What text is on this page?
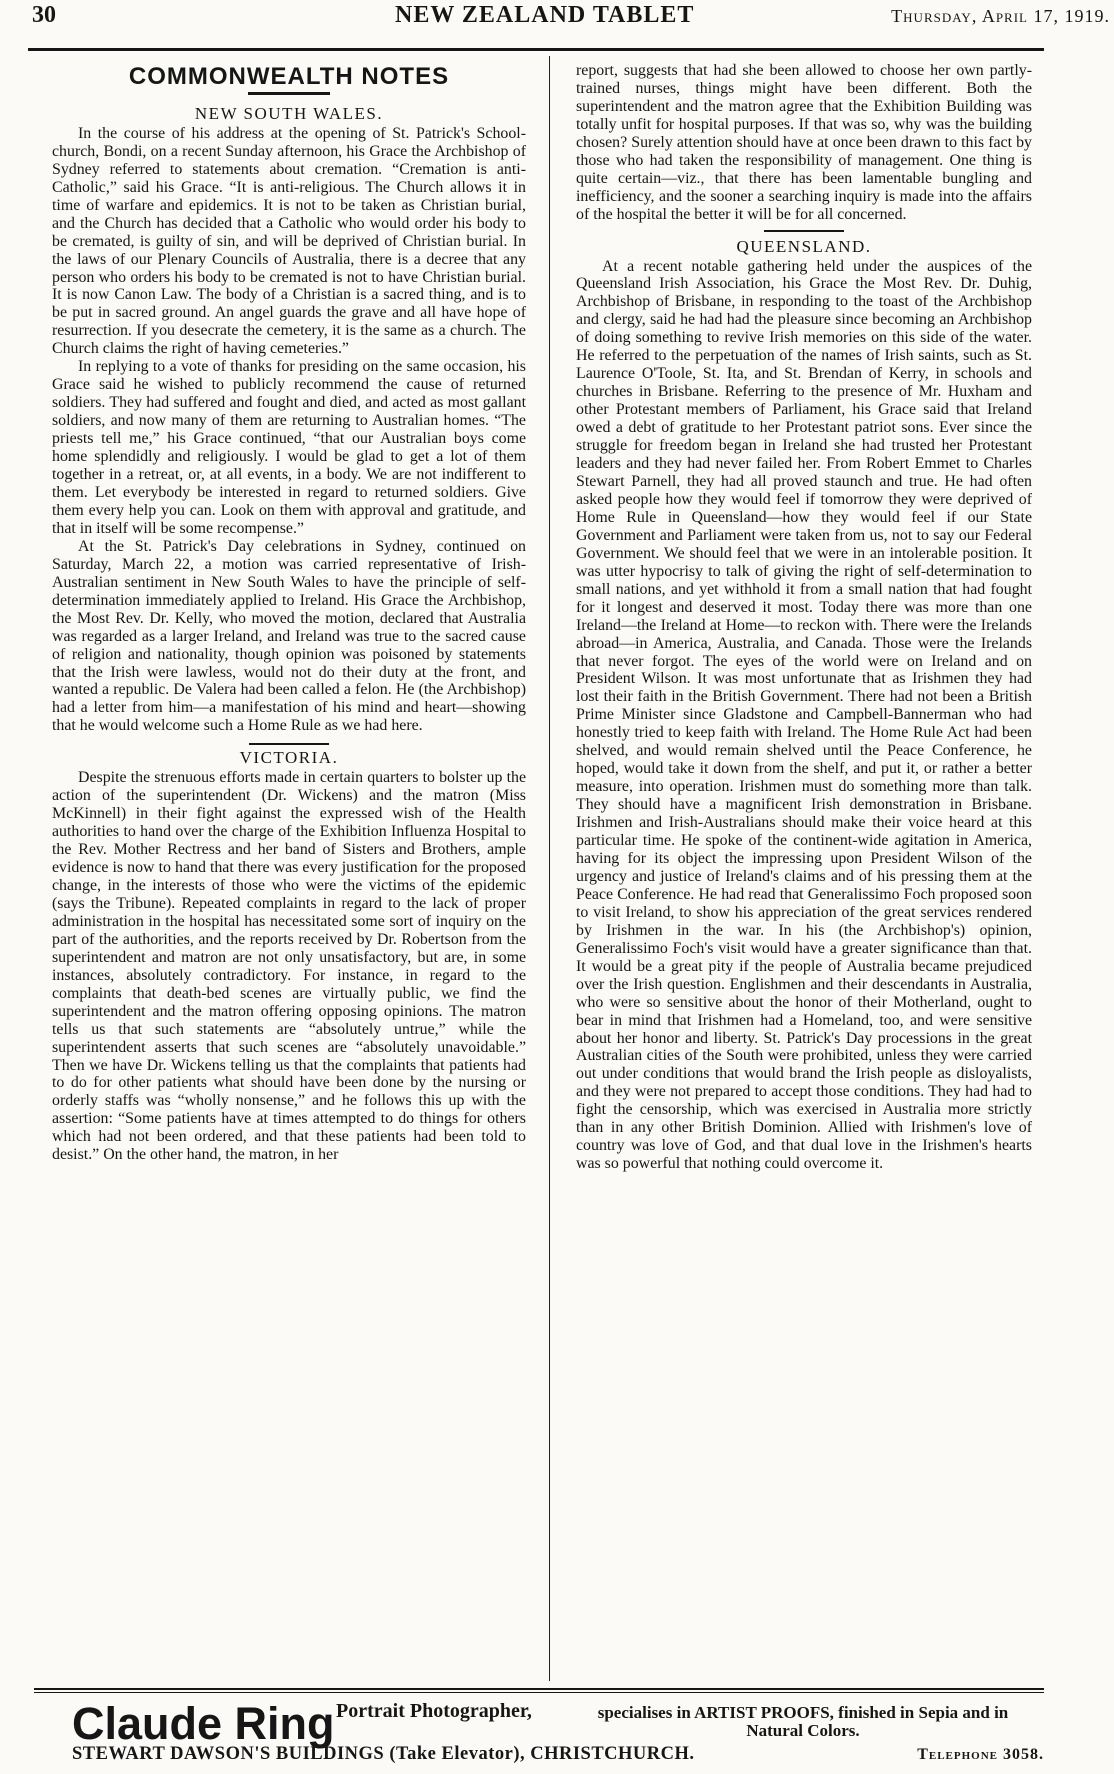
30	NEW ZEALAND TABLET	Thursday, April 17, 1919.
COMMONWEALTH NOTES
NEW SOUTH WALES.

In the course of his address at the opening of St. Patrick's School-church, Bondi, on a recent Sunday afternoon, his Grace the Archbishop of Sydney referred to statements about cremation. “Cremation is anti-Catholic,” said his Grace. “It is anti-religious. The Church allows it in time of warfare and epidemics. It is not to be taken as Christian burial, and the Church has decided that a Catholic who would order his body to be cremated, is guilty of sin, and will be deprived of Christian burial. In the laws of our Plenary Councils of Australia, there is a decree that any person who orders his body to be cremated is not to have Christian burial. It is now Canon Law. The body of a Christian is a sacred thing, and is to be put in sacred ground. An angel guards the grave and all have hope of resurrection. If you desecrate the cemetery, it is the same as a church. The Church claims the right of having cemeteries.”

In replying to a vote of thanks for presiding on the same occasion, his Grace said he wished to publicly recommend the cause of returned soldiers. They had suffered and fought and died, and acted as most gallant soldiers, and now many of them are returning to Australian homes. “The priests tell me,” his Grace continued, “that our Australian boys come home splendidly and religiously. I would be glad to get a lot of them together in a retreat, or, at all events, in a body. We are not indifferent to them. Let everybody be interested in regard to returned soldiers. Give them every help you can. Look on them with approval and gratitude, and that in itself will be some recompense.”

At the St. Patrick's Day celebrations in Sydney, continued on Saturday, March 22, a motion was carried representative of Irish-Australian sentiment in New South Wales to have the principle of self-determination immediately applied to Ireland. His Grace the Archbishop, the Most Rev. Dr. Kelly, who moved the motion, declared that Australia was regarded as a larger Ireland, and Ireland was true to the sacred cause of religion and nationality, though opinion was poisoned by statements that the Irish were lawless, would not do their duty at the front, and wanted a republic. De Valera had been called a felon. He (the Archbishop) had a letter from him—a manifestation of his mind and heart—showing that he would welcome such a Home Rule as we had here.

VICTORIA.

Despite the strenuous efforts made in certain quarters to bolster up the action of the superintendent (Dr. Wickens) and the matron (Miss McKinnell) in their fight against the expressed wish of the Health authorities to hand over the charge of the Exhibition Influenza Hospital to the Rev. Mother Rectress and her band of Sisters and Brothers, ample evidence is now to hand that there was every justification for the proposed change, in the interests of those who were the victims of the epidemic (says the Tribune). Repeated complaints in regard to the lack of proper administration in the hospital has necessitated some sort of inquiry on the part of the authorities, and the reports received by Dr. Robertson from the superintendent and matron are not only unsatisfactory, but are, in some instances, absolutely contradictory. For instance, in regard to the complaints that death-bed scenes are virtually public, we find the superintendent and the matron offering opposing opinions. The matron tells us that such statements are “absolutely untrue,” while the superintendent asserts that such scenes are “absolutely unavoidable.” Then we have Dr. Wickens telling us that the complaints that patients had to do for other patients what should have been done by the nursing or orderly staffs was “wholly nonsense,” and he follows this up with the assertion: “Some patients have at times attempted to do things for others which had not been ordered, and that these patients had been told to desist.” On the other hand, the matron, in her

report, suggests that had she been allowed to choose her own partly-trained nurses, things might have been different. Both the superintendent and the matron agree that the Exhibition Building was totally unfit for hospital purposes. If that was so, why was the building chosen? Surely attention should have at once been drawn to this fact by those who had taken the responsibility of management. One thing is quite certain—viz., that there has been lamentable bungling and inefficiency, and the sooner a searching inquiry is made into the affairs of the hospital the better it will be for all concerned.

QUEENSLAND.

At a recent notable gathering held under the auspices of the Queensland Irish Association, his Grace the Most Rev. Dr. Duhig, Archbishop of Brisbane, in responding to the toast of the Archbishop and clergy, said he had had the pleasure since becoming an Archbishop of doing something to revive Irish memories on this side of the water. He referred to the perpetuation of the names of Irish saints, such as St. Laurence O'Toole, St. Ita, and St. Brendan of Kerry, in schools and churches in Brisbane. Referring to the presence of Mr. Huxham and other Protestant members of Parliament, his Grace said that Ireland owed a debt of gratitude to her Protestant patriot sons. Ever since the struggle for freedom began in Ireland she had trusted her Protestant leaders and they had never failed her. From Robert Emmet to Charles Stewart Parnell, they had all proved staunch and true. He had often asked people how they would feel if tomorrow they were deprived of Home Rule in Queensland—how they would feel if our State Government and Parliament were taken from us, not to say our Federal Government. We should feel that we were in an intolerable position. It was utter hypocrisy to talk of giving the right of self-determination to small nations, and yet withhold it from a small nation that had fought for it longest and deserved it most. Today there was more than one Ireland—the Ireland at Home—to reckon with. There were the Irelands abroad—in America, Australia, and Canada. Those were the Irelands that never forgot. The eyes of the world were on Ireland and on President Wilson. It was most unfortunate that as Irishmen they had lost their faith in the British Government. There had not been a British Prime Minister since Gladstone and Campbell-Bannerman who had honestly tried to keep faith with Ireland. The Home Rule Act had been shelved, and would remain shelved until the Peace Conference, he hoped, would take it down from the shelf, and put it, or rather a better measure, into operation. Irishmen must do something more than talk. They should have a magnificent Irish demonstration in Brisbane. Irishmen and Irish-Australians should make their voice heard at this particular time. He spoke of the continent-wide agitation in America, having for its object the impressing upon President Wilson of the urgency and justice of Ireland's claims and of his pressing them at the Peace Conference. He had read that Generalissimo Foch proposed soon to visit Ireland, to show his appreciation of the great services rendered by Irishmen in the war. In his (the Archbishop's) opinion, Generalissimo Foch's visit would have a greater significance than that. It would be a great pity if the people of Australia became prejudiced over the Irish question. Englishmen and their descendants in Australia, who were so sensitive about the honor of their Motherland, ought to bear in mind that Irishmen had a Homeland, too, and were sensitive about her honor and liberty. St. Patrick's Day processions in the great Australian cities of the South were prohibited, unless they were carried out under conditions that would brand the Irish people as disloyalists, and they were not prepared to accept those conditions. They had had to fight the censorship, which was exercised in Australia more strictly than in any other British Dominion. Allied with Irishmen's love of country was love of God, and that dual love in the Irishmen's hearts was so powerful that nothing could overcome it.

Claude Ring Portrait Photographer,	specialises in ARTIST PROOFS, finished in Sepia and in Natural Colors.
STEWART DAWSON'S BUILDINGS (Take Elevator), CHRISTCHURCH.	Telephone 3058.
